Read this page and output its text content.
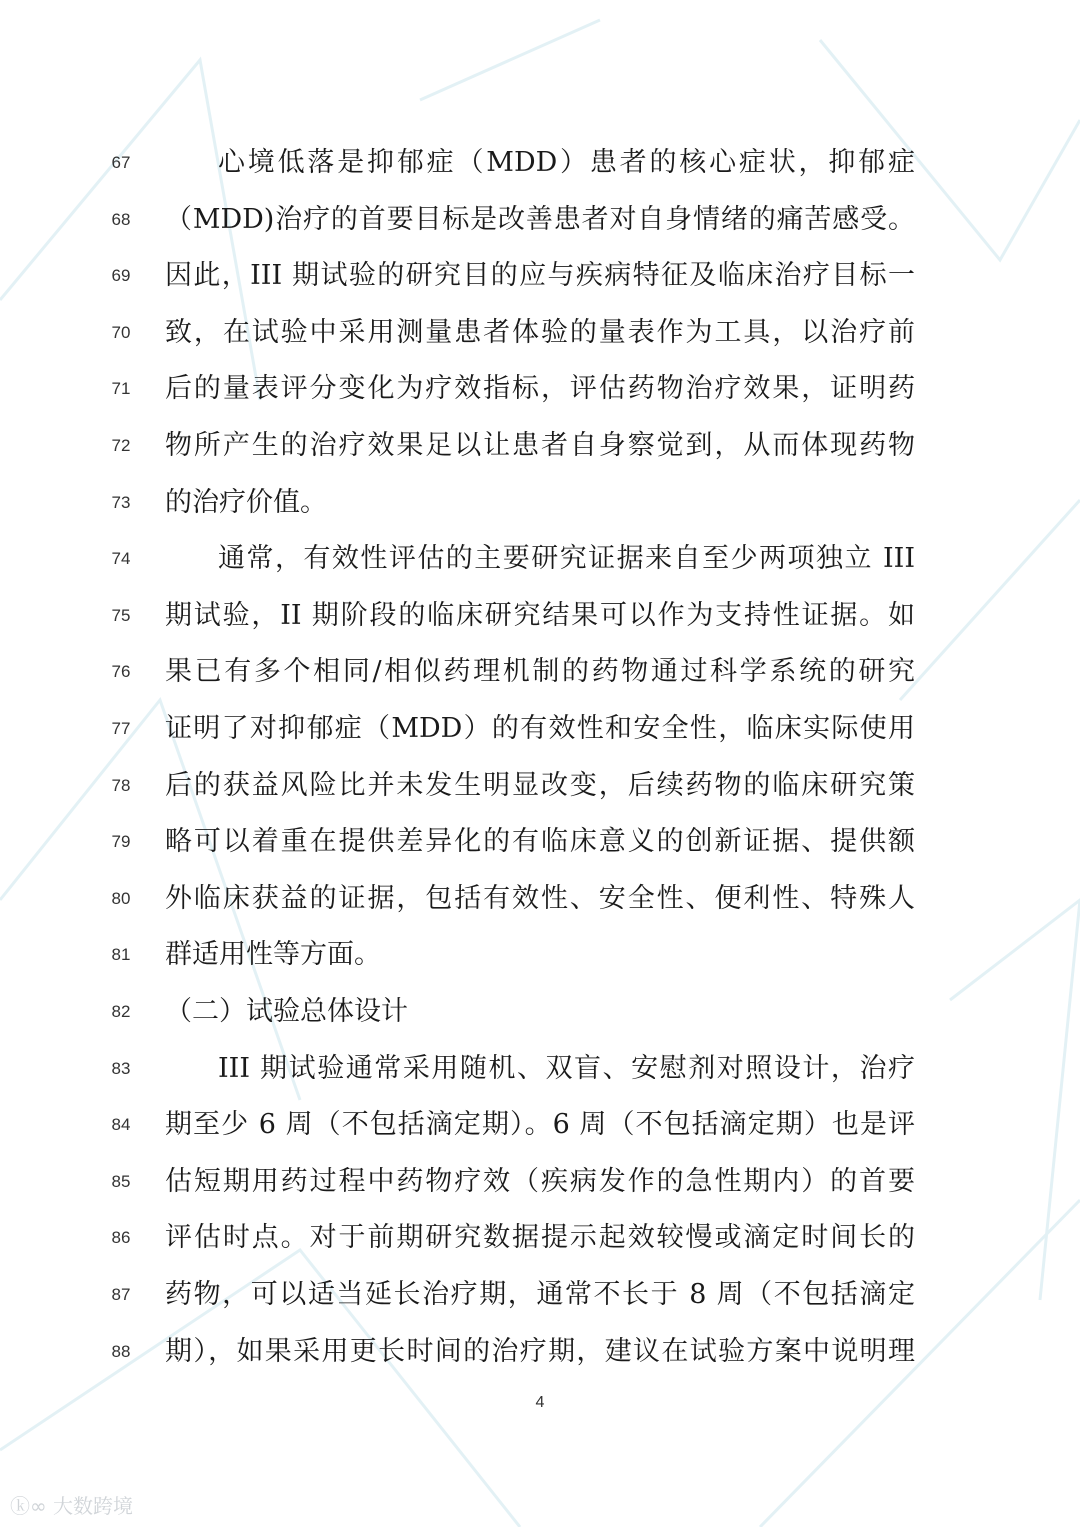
67	心境低落是抑郁症（MDD）患者的核心症状，抑郁症
68 （MDD)治疗的首要目标是改善患者对自身情绪的痛苦感受。
69 因此，III 期试验的研究目的应与疾病特征及临床治疗目标一
70 致，在试验中采用测量患者体验的量表作为工具，以治疗前
71 后的量表评分变化为疗效指标，评估药物治疗效果，证明药
72 物所产生的治疗效果足以让患者自身察觉到，从而体现药物
73 的治疗价值。
74	通常，有效性评估的主要研究证据来自至少两项独立 III
75 期试验，II 期阶段的临床研究结果可以作为支持性证据。如
76 果已有多个相同/相似药理机制的药物通过科学系统的研究
77 证明了对抑郁症（MDD）的有效性和安全性，临床实际使用
78 后的获益风险比并未发生明显改变，后续药物的临床研究策
79 略可以着重在提供差异化的有临床意义的创新证据、提供额
80 外临床获益的证据，包括有效性、安全性、便利性、特殊人
81 群适用性等方面。
82 （二）试验总体设计
83	III 期试验通常采用随机、双盲、安慰剂对照设计，治疗
84 期至少 6 周（不包括滴定期）。6 周（不包括滴定期）也是评
85 估短期用药过程中药物疗效（疾病发作的急性期内）的首要
86 评估时点。对于前期研究数据提示起效较慢或滴定时间长的
87 药物，可以适当延长治疗期，通常不长于 8 周（不包括滴定
88 期），如果采用更长时间的治疗期，建议在试验方案中说明理
4
ⓚ∞ 大数跨境
